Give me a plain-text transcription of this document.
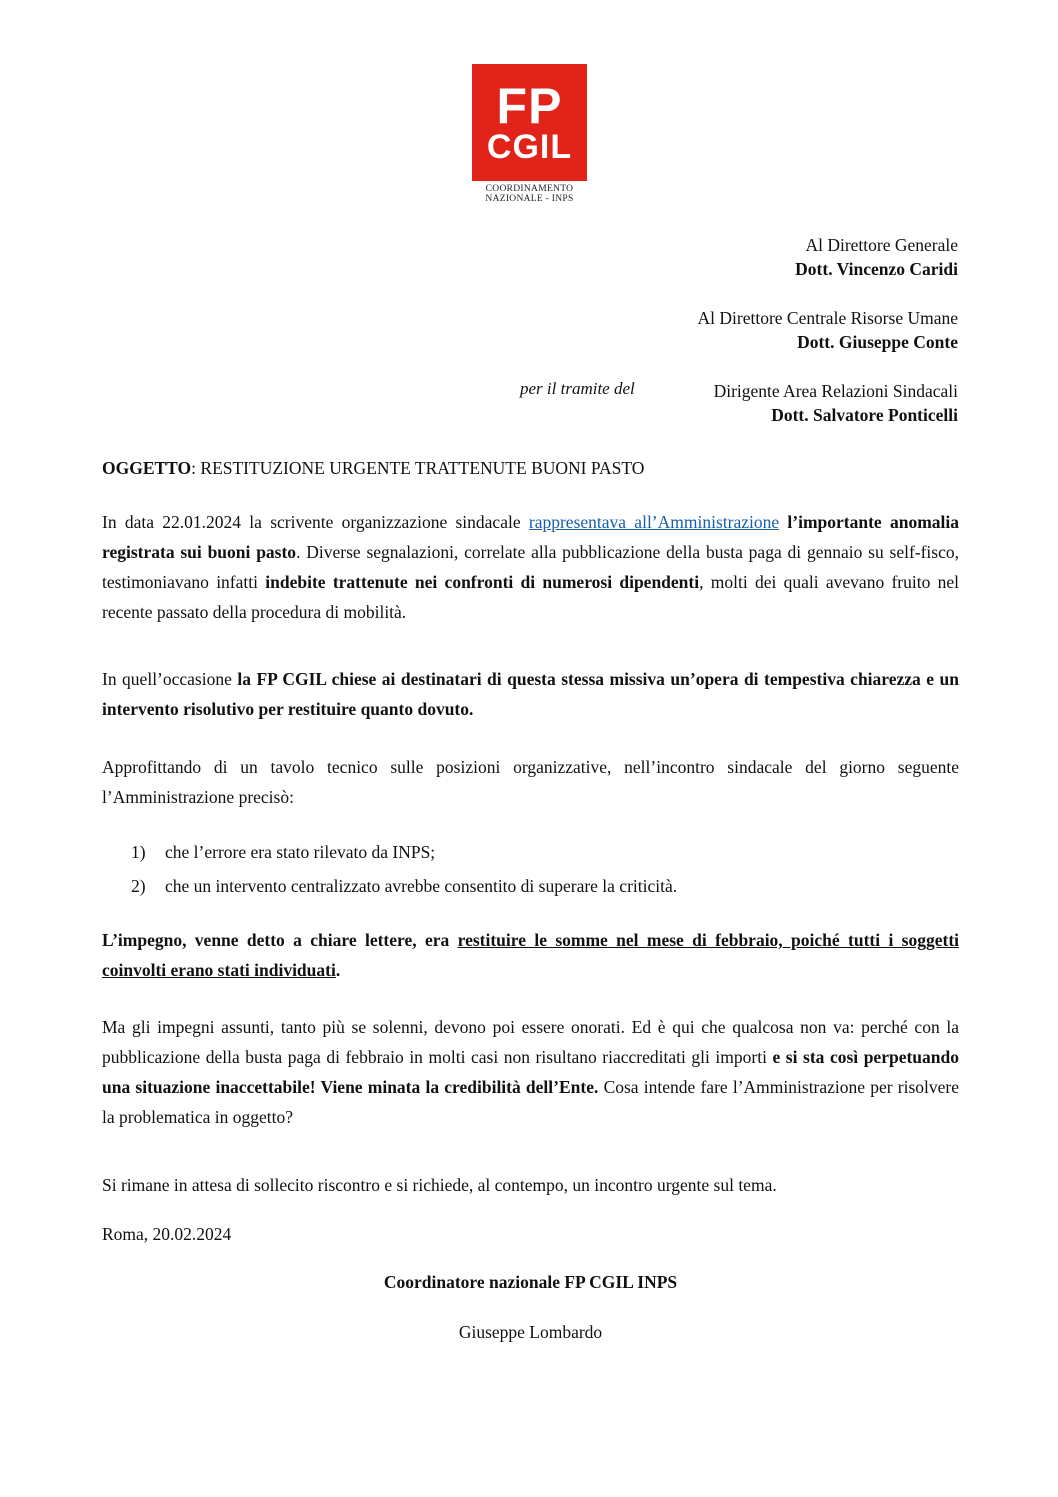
FP
CGIL
COORDINAMENTO
NAZIONALE - INPS
Al Direttore Generale
Dott. Vincenzo Caridi
Al Direttore Centrale Risorse Umane
Dott. Giuseppe Conte
per il tramite del	Dirigente Area Relazioni Sindacali
Dott. Salvatore Ponticelli
OGGETTO: RESTITUZIONE URGENTE TRATTENUTE BUONI PASTO

In data 22.01.2024 la scrivente organizzazione sindacale rappresentava all’Amministrazione l’importante anomalia registrata sui buoni pasto. Diverse segnalazioni, correlate alla pubblicazione della busta paga di gennaio su self-fisco, testimoniavano infatti indebite trattenute nei confronti di numerosi dipendenti, molti dei quali avevano fruito nel recente passato della procedura di mobilità.

In quell’occasione la FP CGIL chiese ai destinatari di questa stessa missiva un’opera di tempestiva chiarezza e un intervento risolutivo per restituire quanto dovuto.

Approfittando di un tavolo tecnico sulle posizioni organizzative, nell’incontro sindacale del giorno seguente l’Amministrazione precisò:

1) che l’errore era stato rilevato da INPS;
2) che un intervento centralizzato avrebbe consentito di superare la criticità.

L’impegno, venne detto a chiare lettere, era restituire le somme nel mese di febbraio, poiché tutti i soggetti coinvolti erano stati individuati.

Ma gli impegni assunti, tanto più se solenni, devono poi essere onorati. Ed è qui che qualcosa non va: perché con la pubblicazione della busta paga di febbraio in molti casi non risultano riaccreditati gli importi e si sta così perpetuando una situazione inaccettabile! Viene minata la credibilità dell’Ente. Cosa intende fare l’Amministrazione per risolvere la problematica in oggetto?

Si rimane in attesa di sollecito riscontro e si richiede, al contempo, un incontro urgente sul tema.

Roma, 20.02.2024
Coordinatore nazionale FP CGIL INPS
Giuseppe Lombardo
